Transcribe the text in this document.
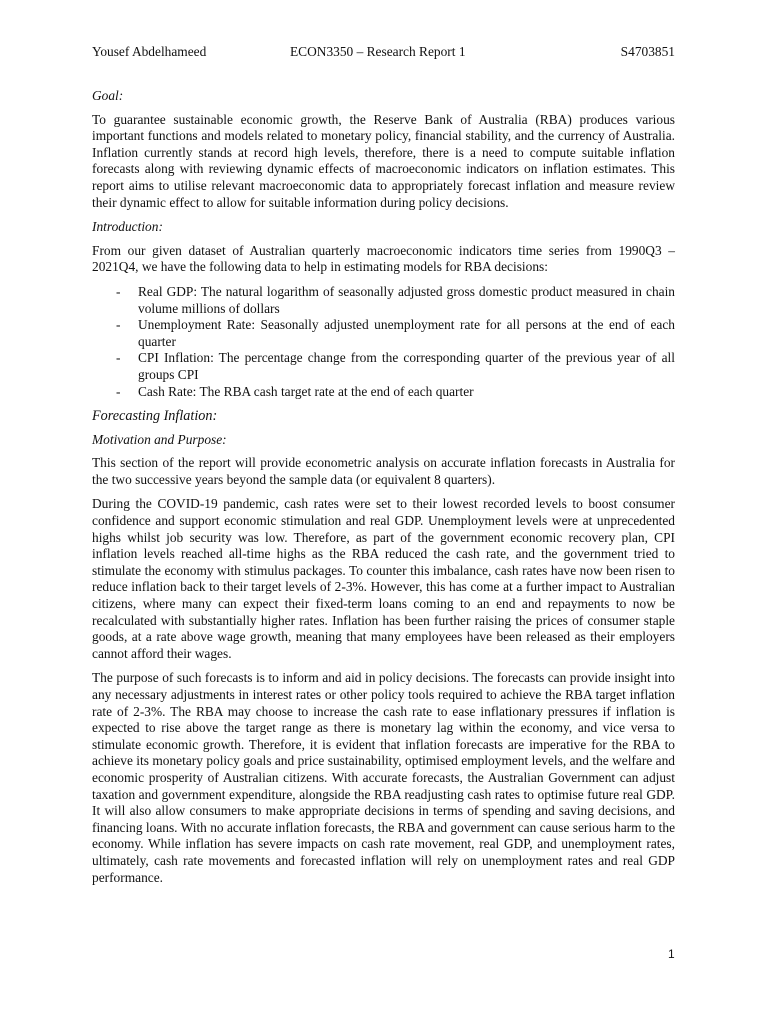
Yousef Abdelhameed	ECON3350 – Research Report 1	S4703851
Goal:

To guarantee sustainable economic growth, the Reserve Bank of Australia (RBA) produces various important functions and models related to monetary policy, financial stability, and the currency of Australia. Inflation currently stands at record high levels, therefore, there is a need to compute suitable inflation forecasts along with reviewing dynamic effects of macroeconomic indicators on inflation estimates. This report aims to utilise relevant macroeconomic data to appropriately forecast inflation and measure review their dynamic effect to allow for suitable information during policy decisions.

Introduction:

From our given dataset of Australian quarterly macroeconomic indicators time series from 1990Q3 – 2021Q4, we have the following data to help in estimating models for RBA decisions:

- Real GDP: The natural logarithm of seasonally adjusted gross domestic product measured in chain volume millions of dollars
- Unemployment Rate: Seasonally adjusted unemployment rate for all persons at the end of each quarter
- CPI Inflation: The percentage change from the corresponding quarter of the previous year of all groups CPI
- Cash Rate: The RBA cash target rate at the end of each quarter
Forecasting Inflation:
Motivation and Purpose:

This section of the report will provide econometric analysis on accurate inflation forecasts in Australia for the two successive years beyond the sample data (or equivalent 8 quarters).

During the COVID-19 pandemic, cash rates were set to their lowest recorded levels to boost consumer confidence and support economic stimulation and real GDP. Unemployment levels were at unprecedented highs whilst job security was low. Therefore, as part of the government economic recovery plan, CPI inflation levels reached all-time highs as the RBA reduced the cash rate, and the government tried to stimulate the economy with stimulus packages. To counter this imbalance, cash rates have now been risen to reduce inflation back to their target levels of 2-3%. However, this has come at a further impact to Australian citizens, where many can expect their fixed-term loans coming to an end and repayments to now be recalculated with substantially higher rates. Inflation has been further raising the prices of consumer staple goods, at a rate above wage growth, meaning that many employees have been released as their employers cannot afford their wages.

The purpose of such forecasts is to inform and aid in policy decisions. The forecasts can provide insight into any necessary adjustments in interest rates or other policy tools required to achieve the RBA target inflation rate of 2-3%. The RBA may choose to increase the cash rate to ease inflationary pressures if inflation is expected to rise above the target range as there is monetary lag within the economy, and vice versa to stimulate economic growth. Therefore, it is evident that inflation forecasts are imperative for the RBA to achieve its monetary policy goals and price sustainability, optimised employment levels, and the welfare and economic prosperity of Australian citizens. With accurate forecasts, the Australian Government can adjust taxation and government expenditure, alongside the RBA readjusting cash rates to optimise future real GDP. It will also allow consumers to make appropriate decisions in terms of spending and saving decisions, and financing loans. With no accurate inflation forecasts, the RBA and government can cause serious harm to the economy. While inflation has severe impacts on cash rate movement, real GDP, and unemployment rates, ultimately, cash rate movements and forecasted inflation will rely on unemployment rates and real GDP performance.

1
